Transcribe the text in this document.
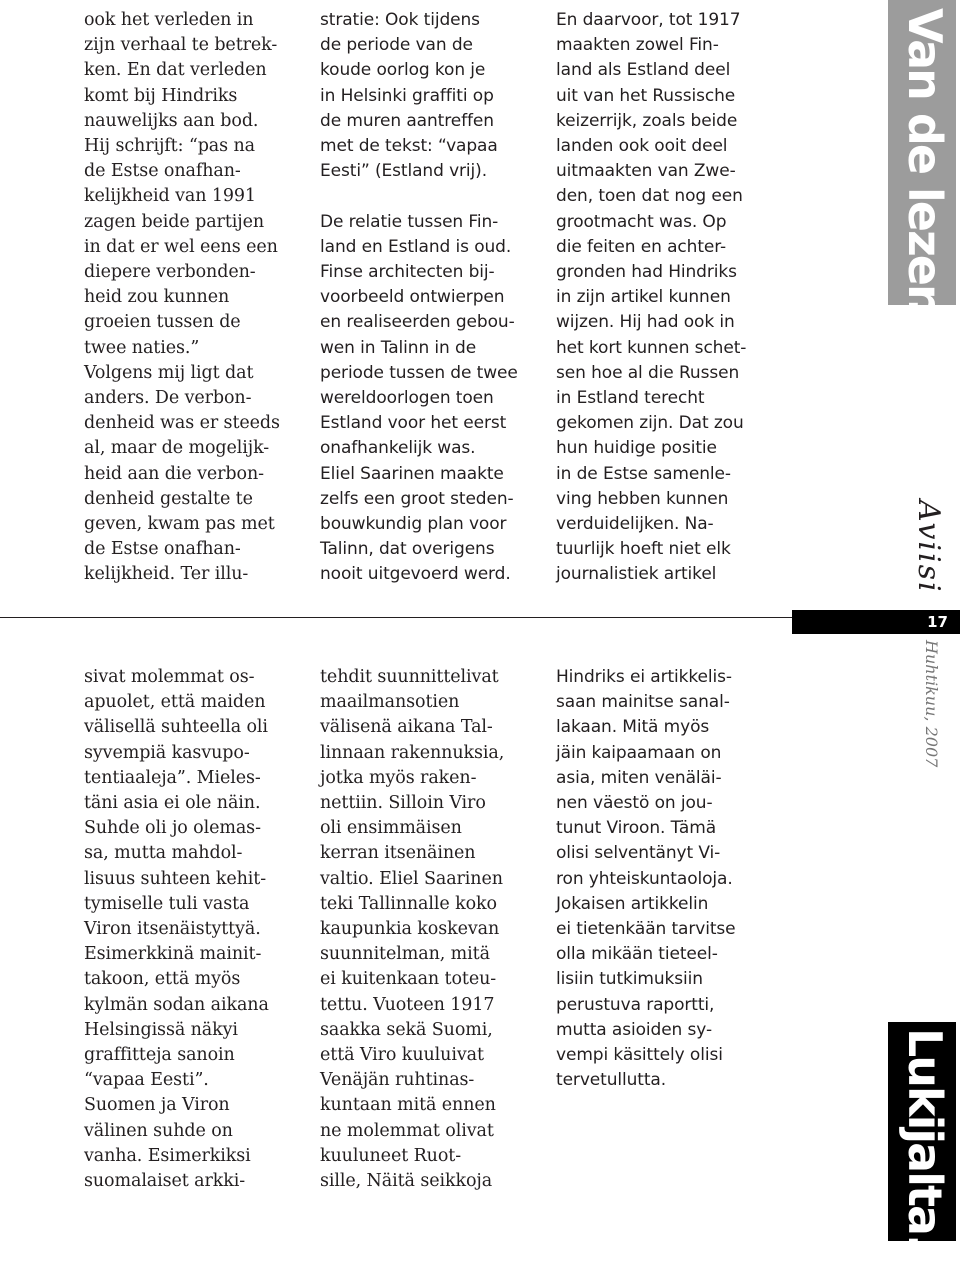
Van de lezer...
Aviisi
17
Huhtikuu, 2007
Lukijalta...

ook het verleden in
zijn verhaal te betrek-
ken. En dat verleden
komt bij Hindriks
nauwelijks aan bod.
Hij schrijft: “pas na
de Estse onafhan-
kelijkheid van 1991
zagen beide partijen
in dat er wel eens een
diepere verbonden-
heid zou kunnen
groeien tussen de
twee naties.”
Volgens mij ligt dat
anders. De verbon-
denheid was er steeds
al, maar de mogelijk-
heid aan die verbon-
denheid gestalte te
geven, kwam pas met
de Estse onafhan-
kelijkheid. Ter illu-

stratie: Ook tijdens
de periode van de
koude oorlog kon je
in Helsinki graffiti op
de muren aantreffen
met de tekst: “vapaa
Eesti” (Estland vrij).

De relatie tussen Fin-
land en Estland is oud.
Finse architecten bij-
voorbeeld ontwierpen
en realiseerden gebou-
wen in Talinn in de
periode tussen de twee
wereldoorlogen toen
Estland voor het eerst
onafhankelijk was.
Eliel Saarinen maakte
zelfs een groot steden-
bouwkundig plan voor
Talinn, dat overigens
nooit uitgevoerd werd.

En daarvoor, tot 1917
maakten zowel Fin-
land als Estland deel
uit van het Russische
keizerrijk, zoals beide
landen ook ooit deel
uitmaakten van Zwe-
den, toen dat nog een
grootmacht was. Op
die feiten en achter-
gronden had Hindriks
in zijn artikel kunnen
wijzen. Hij had ook in
het kort kunnen schet-
sen hoe al die Russen
in Estland terecht
gekomen zijn. Dat zou
hun huidige positie
in de Estse samenle-
ving hebben kunnen
verduidelijken. Na-
tuurlijk hoeft niet elk
journalistiek artikel

sivat molemmat os-
apuolet, että maiden
välisellä suhteella oli
syvempiä kasvupo-
tentiaaleja”. Mieles-
täni asia ei ole näin.
Suhde oli jo olemas-
sa, mutta mahdol-
lisuus suhteen kehit-
tymiselle tuli vasta
Viron itsenäistyttyä.
Esimerkkinä mainit-
takoon, että myös
kylmän sodan aikana
Helsingissä näkyi
graffitteja sanoin
“vapaa Eesti”.
Suomen ja Viron
välinen suhde on
vanha. Esimerkiksi
suomalaiset arkki-

tehdit suunnittelivat
maailmansotien
välisenä aikana Tal-
linnaan rakennuksia,
jotka myös raken-
nettiin. Silloin Viro
oli ensimmäisen
kerran itsenäinen
valtio. Eliel Saarinen
teki Tallinnalle koko
kaupunkia koskevan
suunnitelman, mitä
ei kuitenkaan toteu-
tettu. Vuoteen 1917
saakka sekä Suomi,
että Viro kuuluivat
Venäjän ruhtinas-
kuntaan mitä ennen
ne molemmat olivat
kuuluneet Ruot-
sille, Näitä seikkoja

Hindriks ei artikkelis-
saan mainitse sanal-
lakaan. Mitä myös
jäin kaipaamaan on
asia, miten venäläi-
nen väestö on jou-
tunut Viroon. Tämä
olisi selventänyt Vi-
ron yhteiskuntaoloja.
Jokaisen artikkelin
ei tietenkään tarvitse
olla mikään tieteel-
lisiin tutkimuksiin
perustuva raportti,
mutta asioiden sy-
vempi käsittely olisi
tervetullutta.
